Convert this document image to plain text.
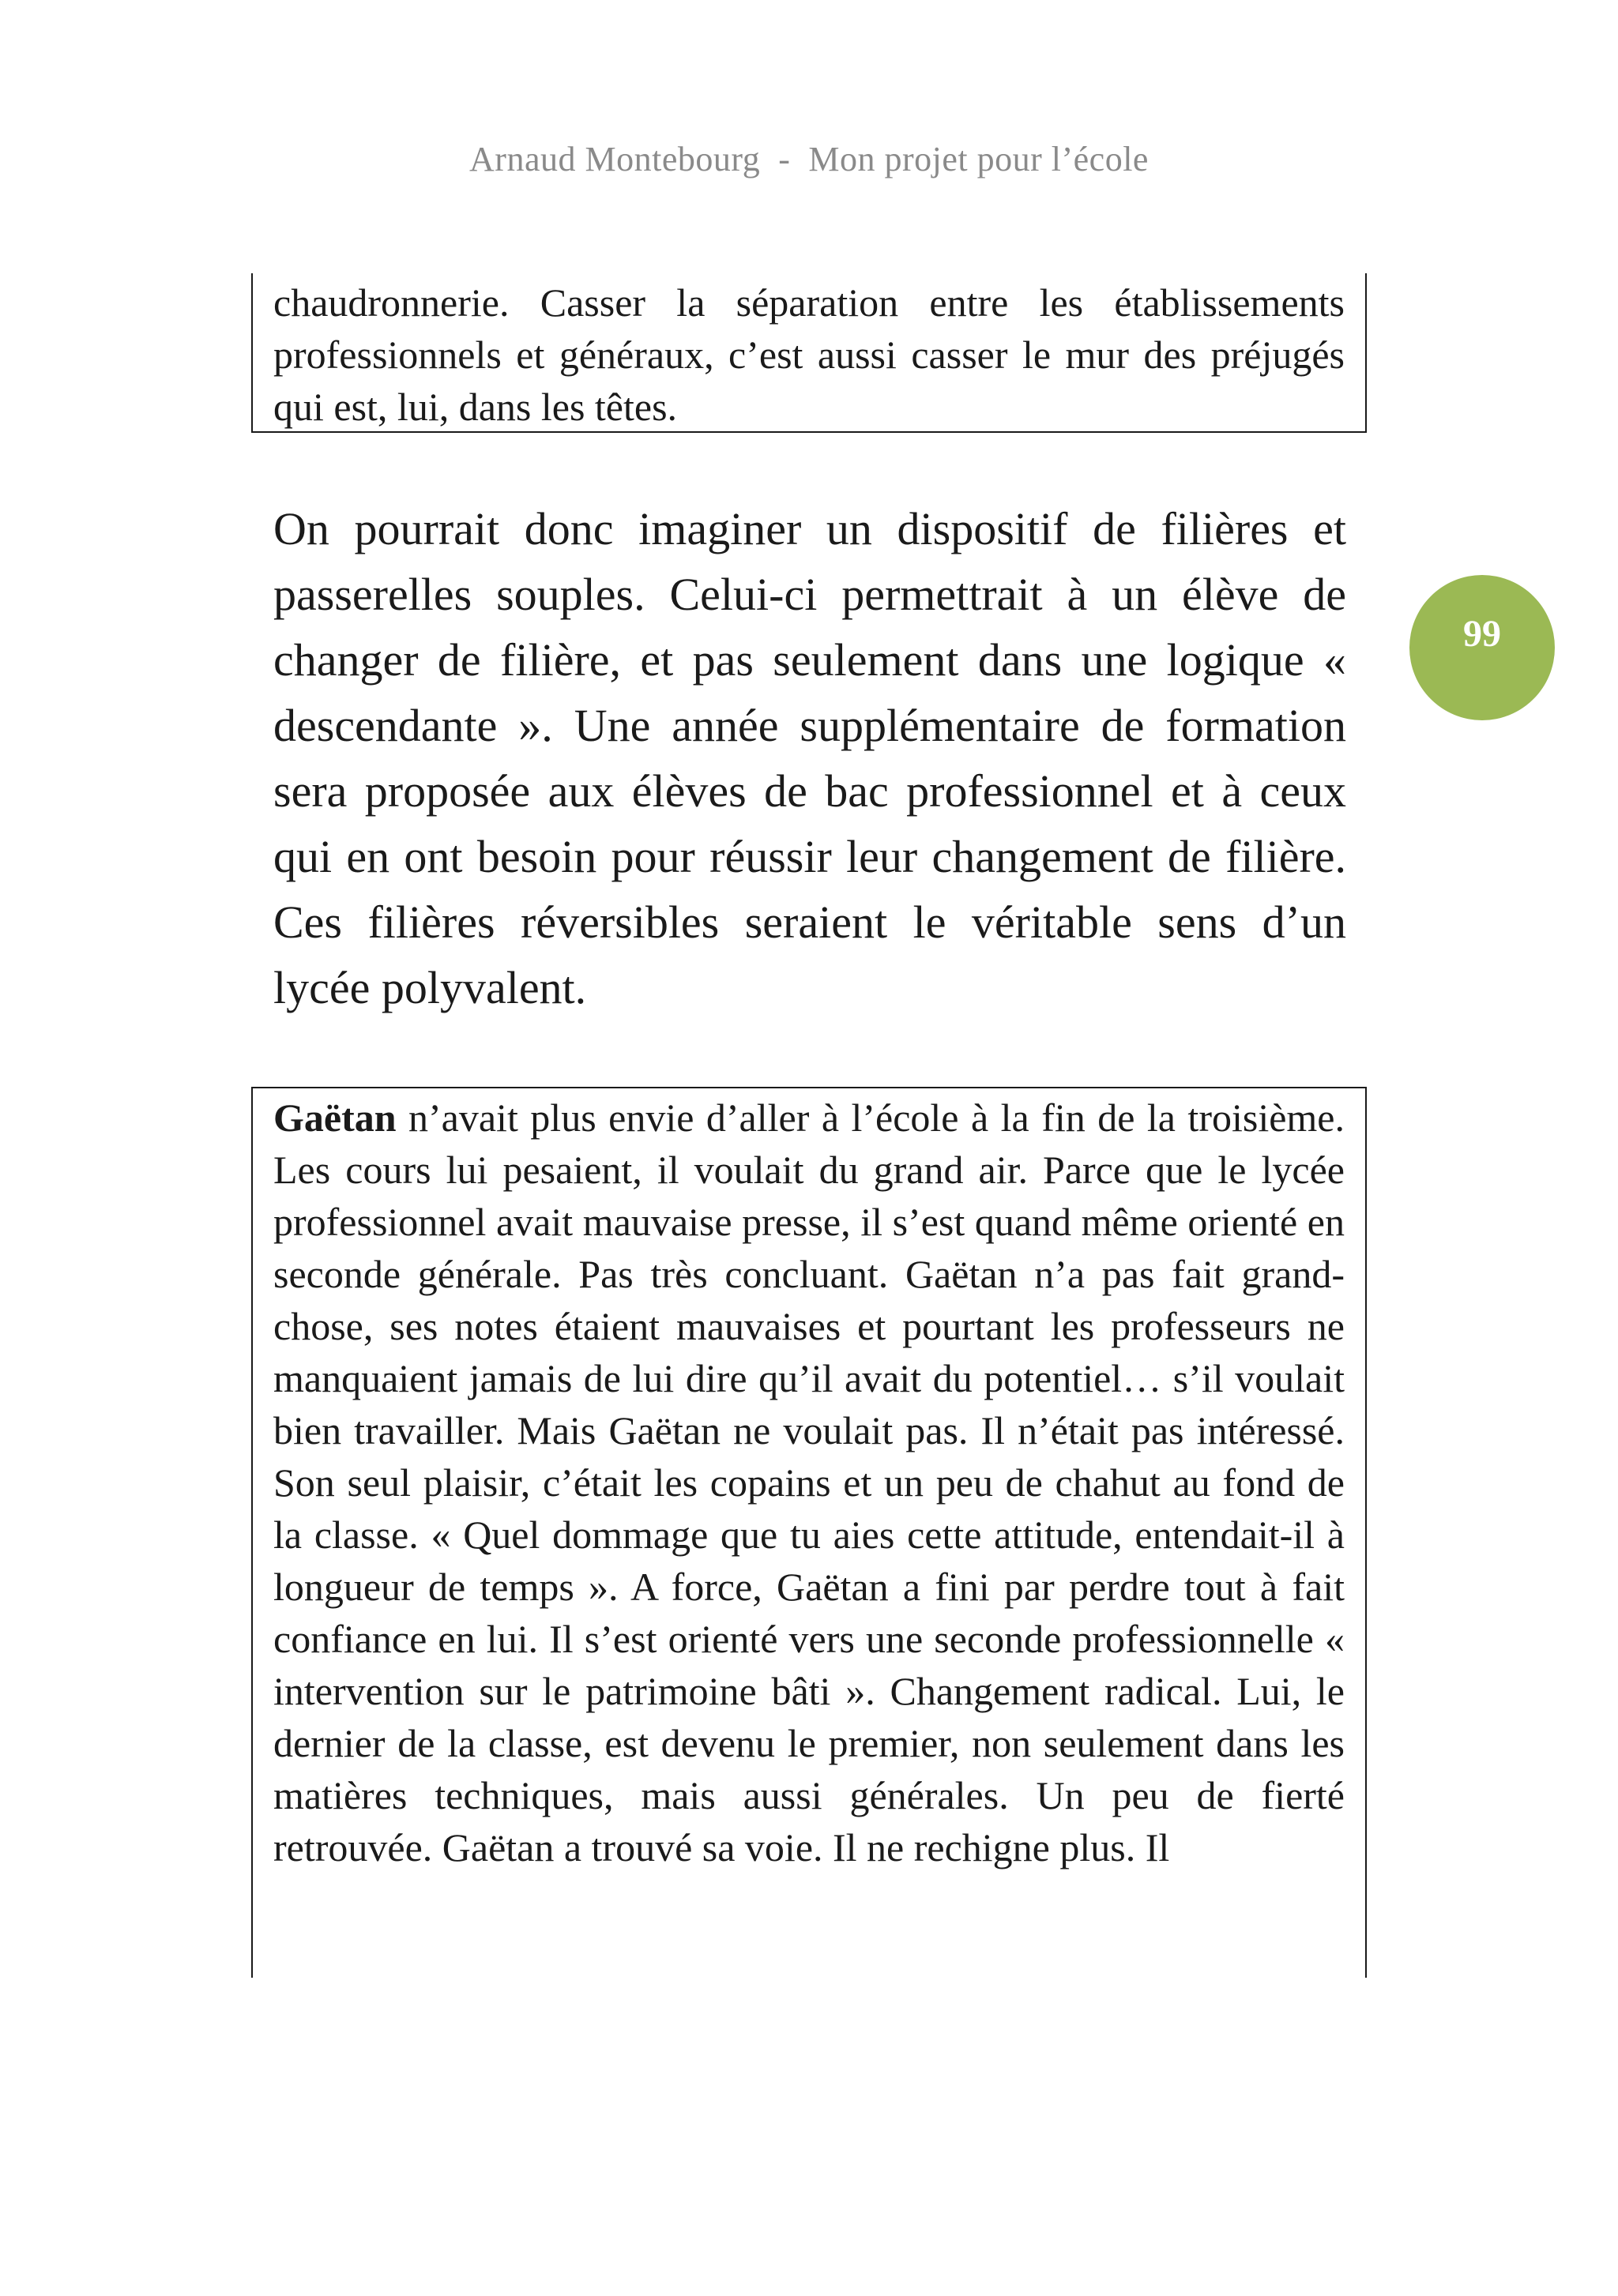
Arnaud Montebourg  -  Mon projet pour l’école
99

chaudronnerie. Casser la séparation entre les établissements professionnels et généraux, c’est aussi casser le mur des préjugés qui est, lui, dans les têtes.

On pourrait donc imaginer un dispositif de filières et passerelles souples. Celui-ci permettrait à un élève de changer de filière, et pas seulement dans une logique « descendante ». Une année supplémentaire de formation sera proposée aux élèves de bac professionnel et à ceux qui en ont besoin pour réussir leur changement de filière. Ces filières réversibles seraient le véritable sens d’un lycée polyvalent.

Gaëtan n’avait plus envie d’aller à l’école à la fin de la troisième. Les cours lui pesaient, il voulait du grand air. Parce que le lycée professionnel avait mauvaise presse, il s’est quand même orienté en seconde générale. Pas très concluant. Gaëtan n’a pas fait grand-chose, ses notes étaient mauvaises et pourtant les professeurs ne manquaient jamais de lui dire qu’il avait du potentiel… s’il voulait bien travailler. Mais Gaëtan ne voulait pas. Il n’était pas intéressé. Son seul plaisir, c’était les copains et un peu de chahut au fond de la classe. « Quel dommage que tu aies cette attitude, entendait-il à longueur de temps ». A force, Gaëtan a fini par perdre tout à fait confiance en lui. Il s’est orienté vers une seconde professionnelle « intervention sur le patrimoine bâti ». Changement radical. Lui, le dernier de la classe, est devenu le premier, non seulement dans les matières techniques, mais aussi générales. Un peu de fierté retrouvée. Gaëtan a trouvé sa voie. Il ne rechigne plus. Il
